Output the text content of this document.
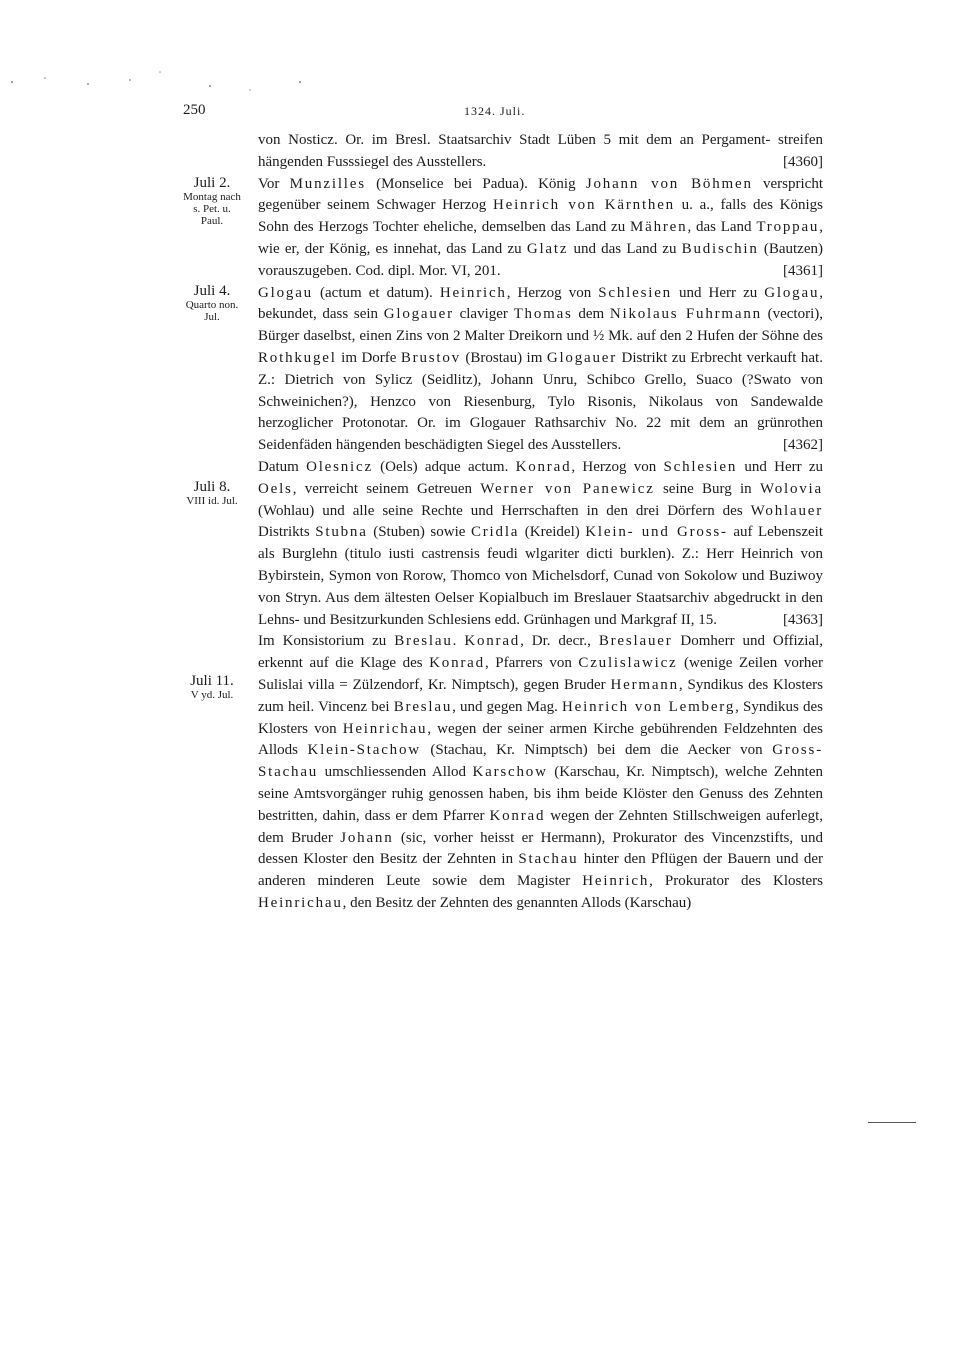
250	1324. Juli.
Juli 2.
Montag nach
s. Pet. u.
Paul.
Juli 4.
Quarto non.
Jul.
Juli 8.
VIII id. Jul.
Juli 11.
V yd. Jul.

von Nosticz. Or. im Bresl. Staatsarchiv Stadt Lüben 5 mit dem an Pergament- streifen hängenden Fusssiegel des Ausstellers.	[4360]

Vor Munzilles (Monselice bei Padua). König Johann von Böhmen verspricht gegenüber seinem Schwager Herzog Heinrich von Kärnthen u. a., falls des Königs Sohn des Herzogs Tochter eheliche, demselben das Land zu Mähren, das Land Troppau, wie er, der König, es innehat, das Land zu Glatz und das Land zu Budischin (Bautzen) vorauszugeben. Cod. dipl. Mor. VI, 201.	[4361]

Glogau (actum et datum). Heinrich, Herzog von Schlesien und Herr zu Glogau, bekundet, dass sein Glogauer claviger Thomas dem Nikolaus Fuhrmann (vectori), Bürger daselbst, einen Zins von 2 Malter Dreikorn und ½ Mk. auf den 2 Hufen der Söhne des Rothkugel im Dorfe Brustov (Brostau) im Glogauer Distrikt zu Erbrecht verkauft hat. Z.: Dietrich von Sylicz (Seidlitz), Johann Unru, Schibco Grello, Suaco (?Swato von Schweinichen?), Henzco von Riesenburg, Tylo Risonis, Nikolaus von Sandewalde herzoglicher Protonotar. Or. im Glogauer Rathsarchiv No. 22 mit dem an grünrothen Seidenfäden hängenden beschädigten Siegel des Ausstellers.	[4362]

Datum Olesnicz (Oels) adque actum. Konrad, Herzog von Schlesien und Herr zu Oels, verreicht seinem Getreuen Werner von Panewicz seine Burg in Wolovia (Wohlau) und alle seine Rechte und Herrschaften in den drei Dörfern des Wohlauer Distrikts Stubna (Stuben) sowie Cridla (Kreidel) Klein- und Gross- auf Lebenszeit als Burglehn (titulo iusti castrensis feudi wlgariter dicti burklen). Z.: Herr Heinrich von Bybirstein, Symon von Rorow, Thomco von Michelsdorf, Cunad von Sokolow und Buziwoy von Stryn. Aus dem ältesten Oelser Kopialbuch im Breslauer Staatsarchiv abgedruckt in den Lehns- und Besitzurkunden Schlesiens edd. Grünhagen und Markgraf II, 15.	[4363]

Im Konsistorium zu Breslau. Konrad, Dr. decr., Breslauer Domherr und Offizial, erkennt auf die Klage des Konrad, Pfarrers von Czulislawicz (wenige Zeilen vorher Sulislai villa = Zülzendorf, Kr. Nimptsch), gegen Bruder Hermann, Syndikus des Klosters zum heil. Vincenz bei Breslau, und gegen Mag. Heinrich von Lemberg, Syndikus des Klosters von Heinrichau, wegen der seiner armen Kirche gebührenden Feldzehnten des Allods Klein-Stachow (Stachau, Kr. Nimptsch) bei dem die Aecker von Gross-Stachau umschliessenden Allod Karschow (Karschau, Kr. Nimptsch), welche Zehnten seine Amtsvorgänger ruhig genossen haben, bis ihm beide Klöster den Genuss des Zehnten bestritten, dahin, dass er dem Pfarrer Konrad wegen der Zehnten Stillschweigen auferlegt, dem Bruder Johann (sic, vorher heisst er Hermann), Prokurator des Vincenzstifts, und dessen Kloster den Besitz der Zehnten in Stachau hinter den Pflügen der Bauern und der anderen minderen Leute sowie dem Magister Heinrich, Prokurator des Klosters Heinrichau, den Besitz der Zehnten des genannten Allods (Karschau)
